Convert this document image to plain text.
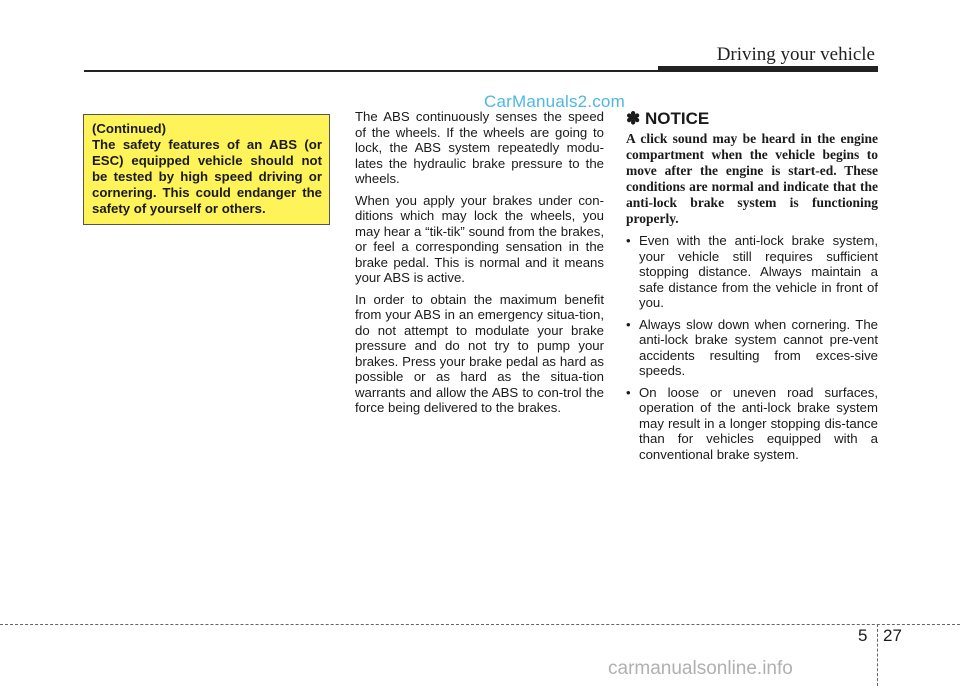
Driving your vehicle
CarManuals2.com
(Continued)
The safety features of an ABS (or ESC) equipped vehicle should not be tested by high speed driving or cornering. This could endanger the safety of yourself or others.

The ABS continuously senses the speed of the wheels. If the wheels are going to lock, the ABS system repeatedly modu-lates the hydraulic brake pressure to the wheels.

When you apply your brakes under con-ditions which may lock the wheels, you may hear a “tik-tik” sound from the brakes, or feel a corresponding sensation in the brake pedal. This is normal and it means your ABS is active.

In order to obtain the maximum benefit from your ABS in an emergency situa-tion, do not attempt to modulate your brake pressure and do not try to pump your brakes. Press your brake pedal as hard as possible or as hard as the situa-tion warrants and allow the ABS to con-trol the force being delivered to the brakes.

✽ NOTICE
A click sound may be heard in the engine compartment when the vehicle begins to move after the engine is start-ed. These conditions are normal and indicate that the anti-lock brake system is functioning properly.
• Even with the anti-lock brake system, your vehicle still requires sufficient stopping distance. Always maintain a safe distance from the vehicle in front of you.
• Always slow down when cornering. The anti-lock brake system cannot pre-vent accidents resulting from exces-sive speeds.
• On loose or uneven road surfaces, operation of the anti-lock brake system may result in a longer stopping dis-tance than for vehicles equipped with a conventional brake system.
5 27
carmanualsonline.info
